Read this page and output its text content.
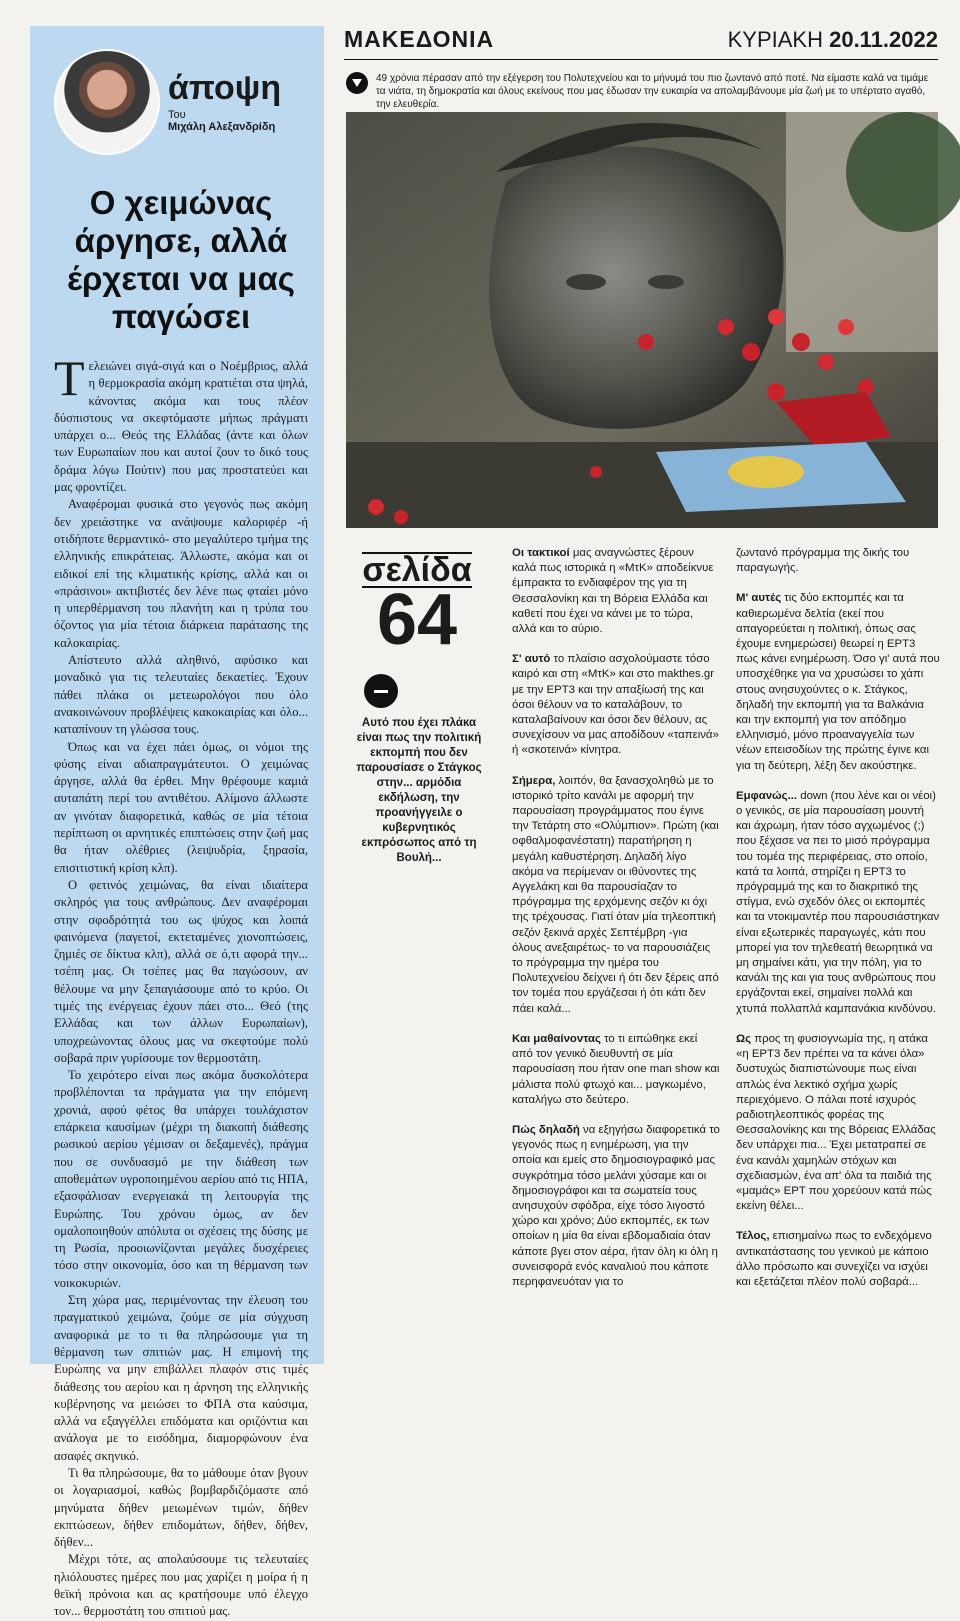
άποψη
Του
Μιχάλη Αλεξανδρίδη
Ο χειμώνας άργησε, αλλά έρχεται να μας παγώσει

Τελειώνει σιγά-σιγά και ο Νοέμβριος, αλλά η θερμοκρασία ακόμη κρατιέται στα ψηλά, κάνοντας ακόμα και τους πλέον δύσπιστους να σκεφτόμαστε μήπως πράγματι υπάρχει ο... Θεός της Ελλάδας (άντε και όλων των Ευρωπαίων που και αυτοί ζουν το δικό τους δράμα λόγω Πούτιν) που μας προστατεύει και μας φροντίζει.

Αναφέρομαι φυσικά στο γεγονός πως ακόμη δεν χρειάστηκε να ανάψουμε καλοριφέρ -ή οτιδήποτε θερμαντικό- στο μεγαλύτερο τμήμα της ελληνικής επικράτειας. Άλλωστε, ακόμα και οι ειδικοί επί της κλιματικής κρίσης, αλλά και οι «πράσινοι» ακτιβιστές δεν λένε πως φταίει μόνο η υπερθέρμανση του πλανήτη και η τρύπα του όζοντος για μία τέτοια διάρκεια παράτασης της καλοκαιρίας.

Απίστευτο αλλά αληθινό, αφύσικο και μοναδικό για τις τελευταίες δεκαετίες. Έχουν πάθει πλάκα οι μετεωρολόγοι που όλο ανακοινώνουν προβλέψεις κακοκαιρίας και όλο... καταπίνουν τη γλώσσα τους.

Όπως και να έχει πάει όμως, οι νόμοι της φύσης είναι αδιαπραγμάτευτοι. Ο χειμώνας άργησε, αλλά θα έρθει. Μην θρέφουμε καμιά αυταπάτη περί του αντιθέτου. Αλίμονο άλλωστε αν γινόταν διαφορετικά, καθώς σε μία τέτοια περίπτωση οι αρνητικές επιπτώσεις στην ζωή μας θα ήταν ολέθριες (λειψυδρία, ξηρασία, επισιτιστική κρίση κλπ).

Ο φετινός χειμώνας, θα είναι ιδιαίτερα σκληρός για τους ανθρώπους. Δεν αναφέρομαι στην σφοδρότητά του ως ψύχος και λοιπά φαινόμενα (παγετοί, εκτεταμένες χιονοπτώσεις, ζημιές σε δίκτυα κλπ), αλλά σε ό,τι αφορά την... τσέπη μας. Οι τσέπες μας θα παγώσουν, αν θέλουμε να μην ξεπαγιάσουμε από το κρύο. Οι τιμές της ενέργειας έχουν πάει στο... Θεό (της Ελλάδας και των άλλων Ευρωπαίων), υποχρεώνοντας όλους μας να σκεφτούμε πολύ σοβαρά πριν γυρίσουμε τον θερμοστάτη.

Το χειρότερο είναι πως ακόμα δυσκολότερα προβλέπονται τα πράγματα για την επόμενη χρονιά, αφού φέτος θα υπάρχει τουλάχιστον επάρκεια καυσίμων (μέχρι τη διακοπή διάθεσης ρωσικού αερίου γέμισαν οι δεξαμενές), πράγμα που σε συνδυασμό με την διάθεση των αποθεμάτων υγροποιημένου αερίου από τις ΗΠΑ, εξασφάλισαν ενεργειακά τη λειτουργία της Ευρώπης. Του χρόνου όμως, αν δεν ομαλοποιηθούν απόλυτα οι σχέσεις της δύσης με τη Ρωσία, προοιωνίζονται μεγάλες δυσχέρειες τόσο στην οικονομία, όσο και τη θέρμανση των νοικοκυριών.

Στη χώρα μας, περιμένοντας την έλευση του πραγματικού χειμώνα, ζούμε σε μία σύγχυση αναφορικά με το τι θα πληρώσουμε για τη θέρμανση των σπιτιών μας. Η επιμονή της Ευρώπης να μην επιβάλλει πλαφόν στις τιμές διάθεσης του αερίου και η άρνηση της ελληνικής κυβέρνησης να μειώσει το ΦΠΑ στα καύσιμα, αλλά να εξαγγέλλει επιδόματα και οριζόντια και ανάλογα με το εισόδημα, διαμορφώνουν ένα ασαφές σκηνικό.

Τι θα πληρώσουμε, θα το μάθουμε όταν βγουν οι λογαριασμοί, καθώς βομβαρδιζόμαστε από μηνύματα δήθεν μειωμένων τιμών, δήθεν εκπτώσεων, δήθεν επιδομάτων, δήθεν, δήθεν, δήθεν...

Μέχρι τότε, ας απολαύσουμε τις τελευταίες ηλιόλουστες ημέρες που μας χαρίζει η μοίρα ή η θεϊκή πρόνοια και ας κρατήσουμε υπό έλεγχο τον... θερμοστάτη του σπιτιού μας.

ΜΑΚΕΔΟΝΙΑ	ΚΥΡΙΑΚΗ 20.11.2022

49 χρόνια πέρασαν από την εξέγερση του Πολυτεχνείου και το μήνυμά του πιο ζωντανό από ποτέ. Να είμαστε καλά να τιμάμε τα νιάτα, τη δημοκρατία και όλους εκείνους που μας έδωσαν την ευκαιρία να απολαμβάνουμε μία ζωή με το υπέρτατο αγαθό, την ελευθερία.

ΑΡΕΤΗ
σελίδα
64

Αυτό που έχει πλάκα είναι πως την πολιτική εκπομπή που δεν παρουσίασε ο Στάγκος στην... αρμόδια εκδήλωση, την προανήγγειλε ο κυβερνητικός εκπρόσωπος από τη Βουλή...

Οι τακτικοί μας αναγνώστες ξέρουν καλά πως ιστορικά η «ΜτΚ» αποδείκνυε έμπρακτα το ενδιαφέρον της για τη Θεσσαλονίκη και τη Βόρεια Ελλάδα και καθετί που έχει να κάνει με το τώρα, αλλά και το αύριο.

Σ' αυτό το πλαίσιο ασχολούμαστε τόσο καιρό και στη «ΜτΚ» και στο makthes.gr με την ΕΡΤ3 και την απαξίωσή της και όσοι θέλουν να το καταλάβουν, το καταλαβαίνουν και όσοι δεν θέλουν, ας συνεχίσουν να μας αποδίδουν «ταπεινά» ή «σκοτεινά» κίνητρα.

Σήμερα, λοιπόν, θα ξανασχοληθώ με το ιστορικό τρίτο κανάλι με αφορμή την παρουσίαση προγράμματος που έγινε την Τετάρτη στο «Ολύμπιον». Πρώτη (και οφθαλμοφανέστατη) παρατήρηση η μεγάλη καθυστέρηση. Δηλαδή λίγο ακόμα να περίμεναν οι ιθύνοντες της Αγγελάκη και θα παρουσίαζαν το πρόγραμμα της ερχόμενης σεζόν κι όχι της τρέχουσας. Γιατί όταν μία τηλεοπτική σεζόν ξεκινά αρχές Σεπτέμβρη -για όλους ανεξαιρέτως- το να παρουσιάζεις το πρόγραμμα την ημέρα του Πολυτεχνείου δείχνει ή ότι δεν ξέρεις από τον τομέα που εργάζεσαι ή ότι κάτι δεν πάει καλά...

Και μαθαίνοντας το τι ειπώθηκε εκεί από τον γενικό διευθυντή σε μία παρουσίαση που ήταν one man show και μάλιστα πολύ φτωχό και... μαγκωμένο, καταλήγω στο δεύτερο.

Πώς δηλαδή να εξηγήσω διαφορετικά το γεγονός πως η ενημέρωση, για την οποία και εμείς στο δημοσιογραφικό μας συγκρότημα τόσο μελάνι χύσαμε και οι δημοσιογράφοι και τα σωματεία τους ανησυχούν σφόδρα, είχε τόσο λιγοστό χώρο και χρόνο; Δύο εκπομπές, εκ των οποίων η μία θα είναι εβδομαδιαία όταν κάποτε βγει στον αέρα, ήταν όλη κι όλη η συνεισφορά ενός καναλιού που κάποτε περηφανευόταν για το

ζωντανό πρόγραμμα της δικής του παραγωγής.

Μ' αυτές τις δύο εκπομπές και τα καθιερωμένα δελτία (εκεί που απαγορεύεται η πολιτική, όπως σας έχουμε ενημερώσει) θεωρεί η ΕΡΤ3 πως κάνει ενημέρωση. Όσο γι' αυτά που υποσχέθηκε για να χρυσώσει το χάπι στους ανησυχούντες ο κ. Στάγκος, δηλαδή την εκπομπή για τα Βαλκάνια και την εκπομπή για τον απόδημο ελληνισμό, μόνο προαναγγελία των νέων επεισοδίων της πρώτης έγινε και για τη δεύτερη, λέξη δεν ακούστηκε.

Εμφανώς... down (που λένε και οι νέοι) ο γενικός, σε μία παρουσίαση μουντή και άχρωμη, ήταν τόσο αγχωμένος (;) που ξέχασε να πει το μισό πρόγραμμα του τομέα της περιφέρειας, στο οποίο, κατά τα λοιπά, στηρίζει η ΕΡΤ3 το πρόγραμμά της και το διακριτικό της στίγμα, ενώ σχεδόν όλες οι εκπομπές και τα ντοκιμαντέρ που παρουσιάστηκαν είναι εξωτερικές παραγωγές, κάτι που μπορεί για τον τηλεθεατή θεωρητικά να μη σημαίνει κάτι, για την πόλη, για το κανάλι της και για τους ανθρώπους που εργάζονται εκεί, σημαίνει πολλά και χτυπά πολλαπλά καμπανάκια κινδύνου.

Ως προς τη φυσιογνωμία της, η ατάκα «η ΕΡΤ3 δεν πρέπει να τα κάνει όλα» δυστυχώς διαπιστώνουμε πως είναι απλώς ένα λεκτικό σχήμα χωρίς περιεχόμενο. Ο πάλαι ποτέ ισχυρός ραδιοτηλεοπτικός φορέας της Θεσσαλονίκης και της Βόρειας Ελλάδας δεν υπάρχει πια... Έχει μετατραπεί σε ένα κανάλι χαμηλών στόχων και σχεδιασμών, ένα απ' όλα τα παιδιά της «μαμάς» ΕΡΤ που χορεύουν κατά πώς εκείνη θέλει...

Τέλος, επισημαίνω πως το ενδεχόμενο αντικατάστασης του γενικού με κάποιο άλλο πρόσωπο και συνεχίζει να ισχύει και εξετάζεται πλέον πολύ σοβαρά...
